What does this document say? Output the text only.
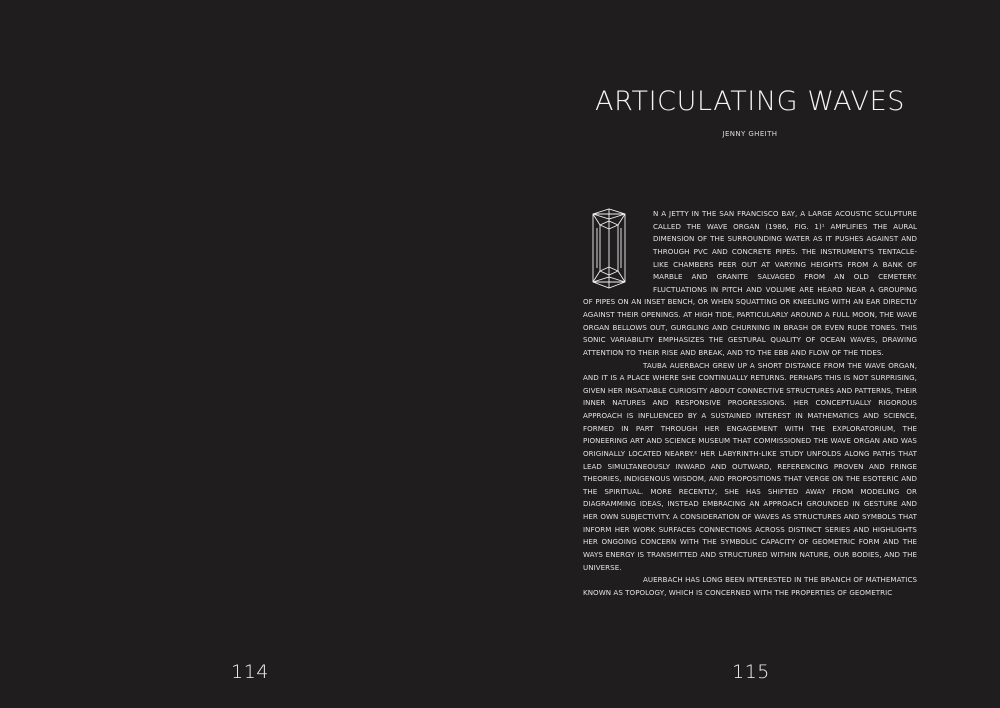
114
ARTICULATING WAVES
JENNY GHEITH

N A JETTY IN THE SAN FRANCISCO BAY, A LARGE ACOUSTIC SCULPTURE CALLED THE WAVE ORGAN (1986, FIG. 1)¹ AMPLIFIES THE AURAL DIMENSION OF THE SURROUNDING WATER AS IT PUSHES AGAINST AND THROUGH PVC AND CONCRETE PIPES. THE INSTRUMENT'S TENTACLE-LIKE CHAMBERS PEER OUT AT VARYING HEIGHTS FROM A BANK OF MARBLE AND GRANITE SALVAGED FROM AN OLD CEMETERY. FLUCTUATIONS IN PITCH AND VOLUME ARE HEARD NEAR A GROUPING OF PIPES ON AN INSET BENCH, OR WHEN SQUATTING OR KNEELING WITH AN EAR DIRECTLY AGAINST THEIR OPENINGS. AT HIGH TIDE, PARTICULARLY AROUND A FULL MOON, THE WAVE ORGAN BELLOWS OUT, GURGLING AND CHURNING IN BRASH OR EVEN RUDE TONES. THIS SONIC VARIABILITY EMPHASIZES THE GESTURAL QUALITY OF OCEAN WAVES, DRAWING ATTENTION TO THEIR RISE AND BREAK, AND TO THE EBB AND FLOW OF THE TIDES.

TAUBA AUERBACH GREW UP A SHORT DISTANCE FROM THE WAVE ORGAN, AND IT IS A PLACE WHERE SHE CONTINUALLY RETURNS. PERHAPS THIS IS NOT SURPRISING, GIVEN HER INSATIABLE CURIOSITY ABOUT CONNECTIVE STRUCTURES AND PATTERNS, THEIR INNER NATURES AND RESPONSIVE PROGRESSIONS. HER CONCEPTUALLY RIGOROUS APPROACH IS INFLUENCED BY A SUSTAINED INTEREST IN MATHEMATICS AND SCIENCE, FORMED IN PART THROUGH HER ENGAGEMENT WITH THE EXPLORATORIUM, THE PIONEERING ART AND SCIENCE MUSEUM THAT COMMISSIONED THE WAVE ORGAN AND WAS ORIGINALLY LOCATED NEARBY.² HER LABYRINTH-LIKE STUDY UNFOLDS ALONG PATHS THAT LEAD SIMULTANEOUSLY INWARD AND OUTWARD, REFERENCING PROVEN AND FRINGE THEORIES, INDIGENOUS WISDOM, AND PROPOSITIONS THAT VERGE ON THE ESOTERIC AND THE SPIRITUAL. MORE RECENTLY, SHE HAS SHIFTED AWAY FROM MODELING OR DIAGRAMMING IDEAS, INSTEAD EMBRACING AN APPROACH GROUNDED IN GESTURE AND HER OWN SUBJECTIVITY. A CONSIDERATION OF WAVES AS STRUCTURES AND SYMBOLS THAT INFORM HER WORK SURFACES CONNECTIONS ACROSS DISTINCT SERIES AND HIGHLIGHTS HER ONGOING CONCERN WITH THE SYMBOLIC CAPACITY OF GEOMETRIC FORM AND THE WAYS ENERGY IS TRANSMITTED AND STRUCTURED WITHIN NATURE, OUR BODIES, AND THE UNIVERSE.

AUERBACH HAS LONG BEEN INTERESTED IN THE BRANCH OF MATHEMATICS KNOWN AS TOPOLOGY, WHICH IS CONCERNED WITH THE PROPERTIES OF GEOMETRIC

115
